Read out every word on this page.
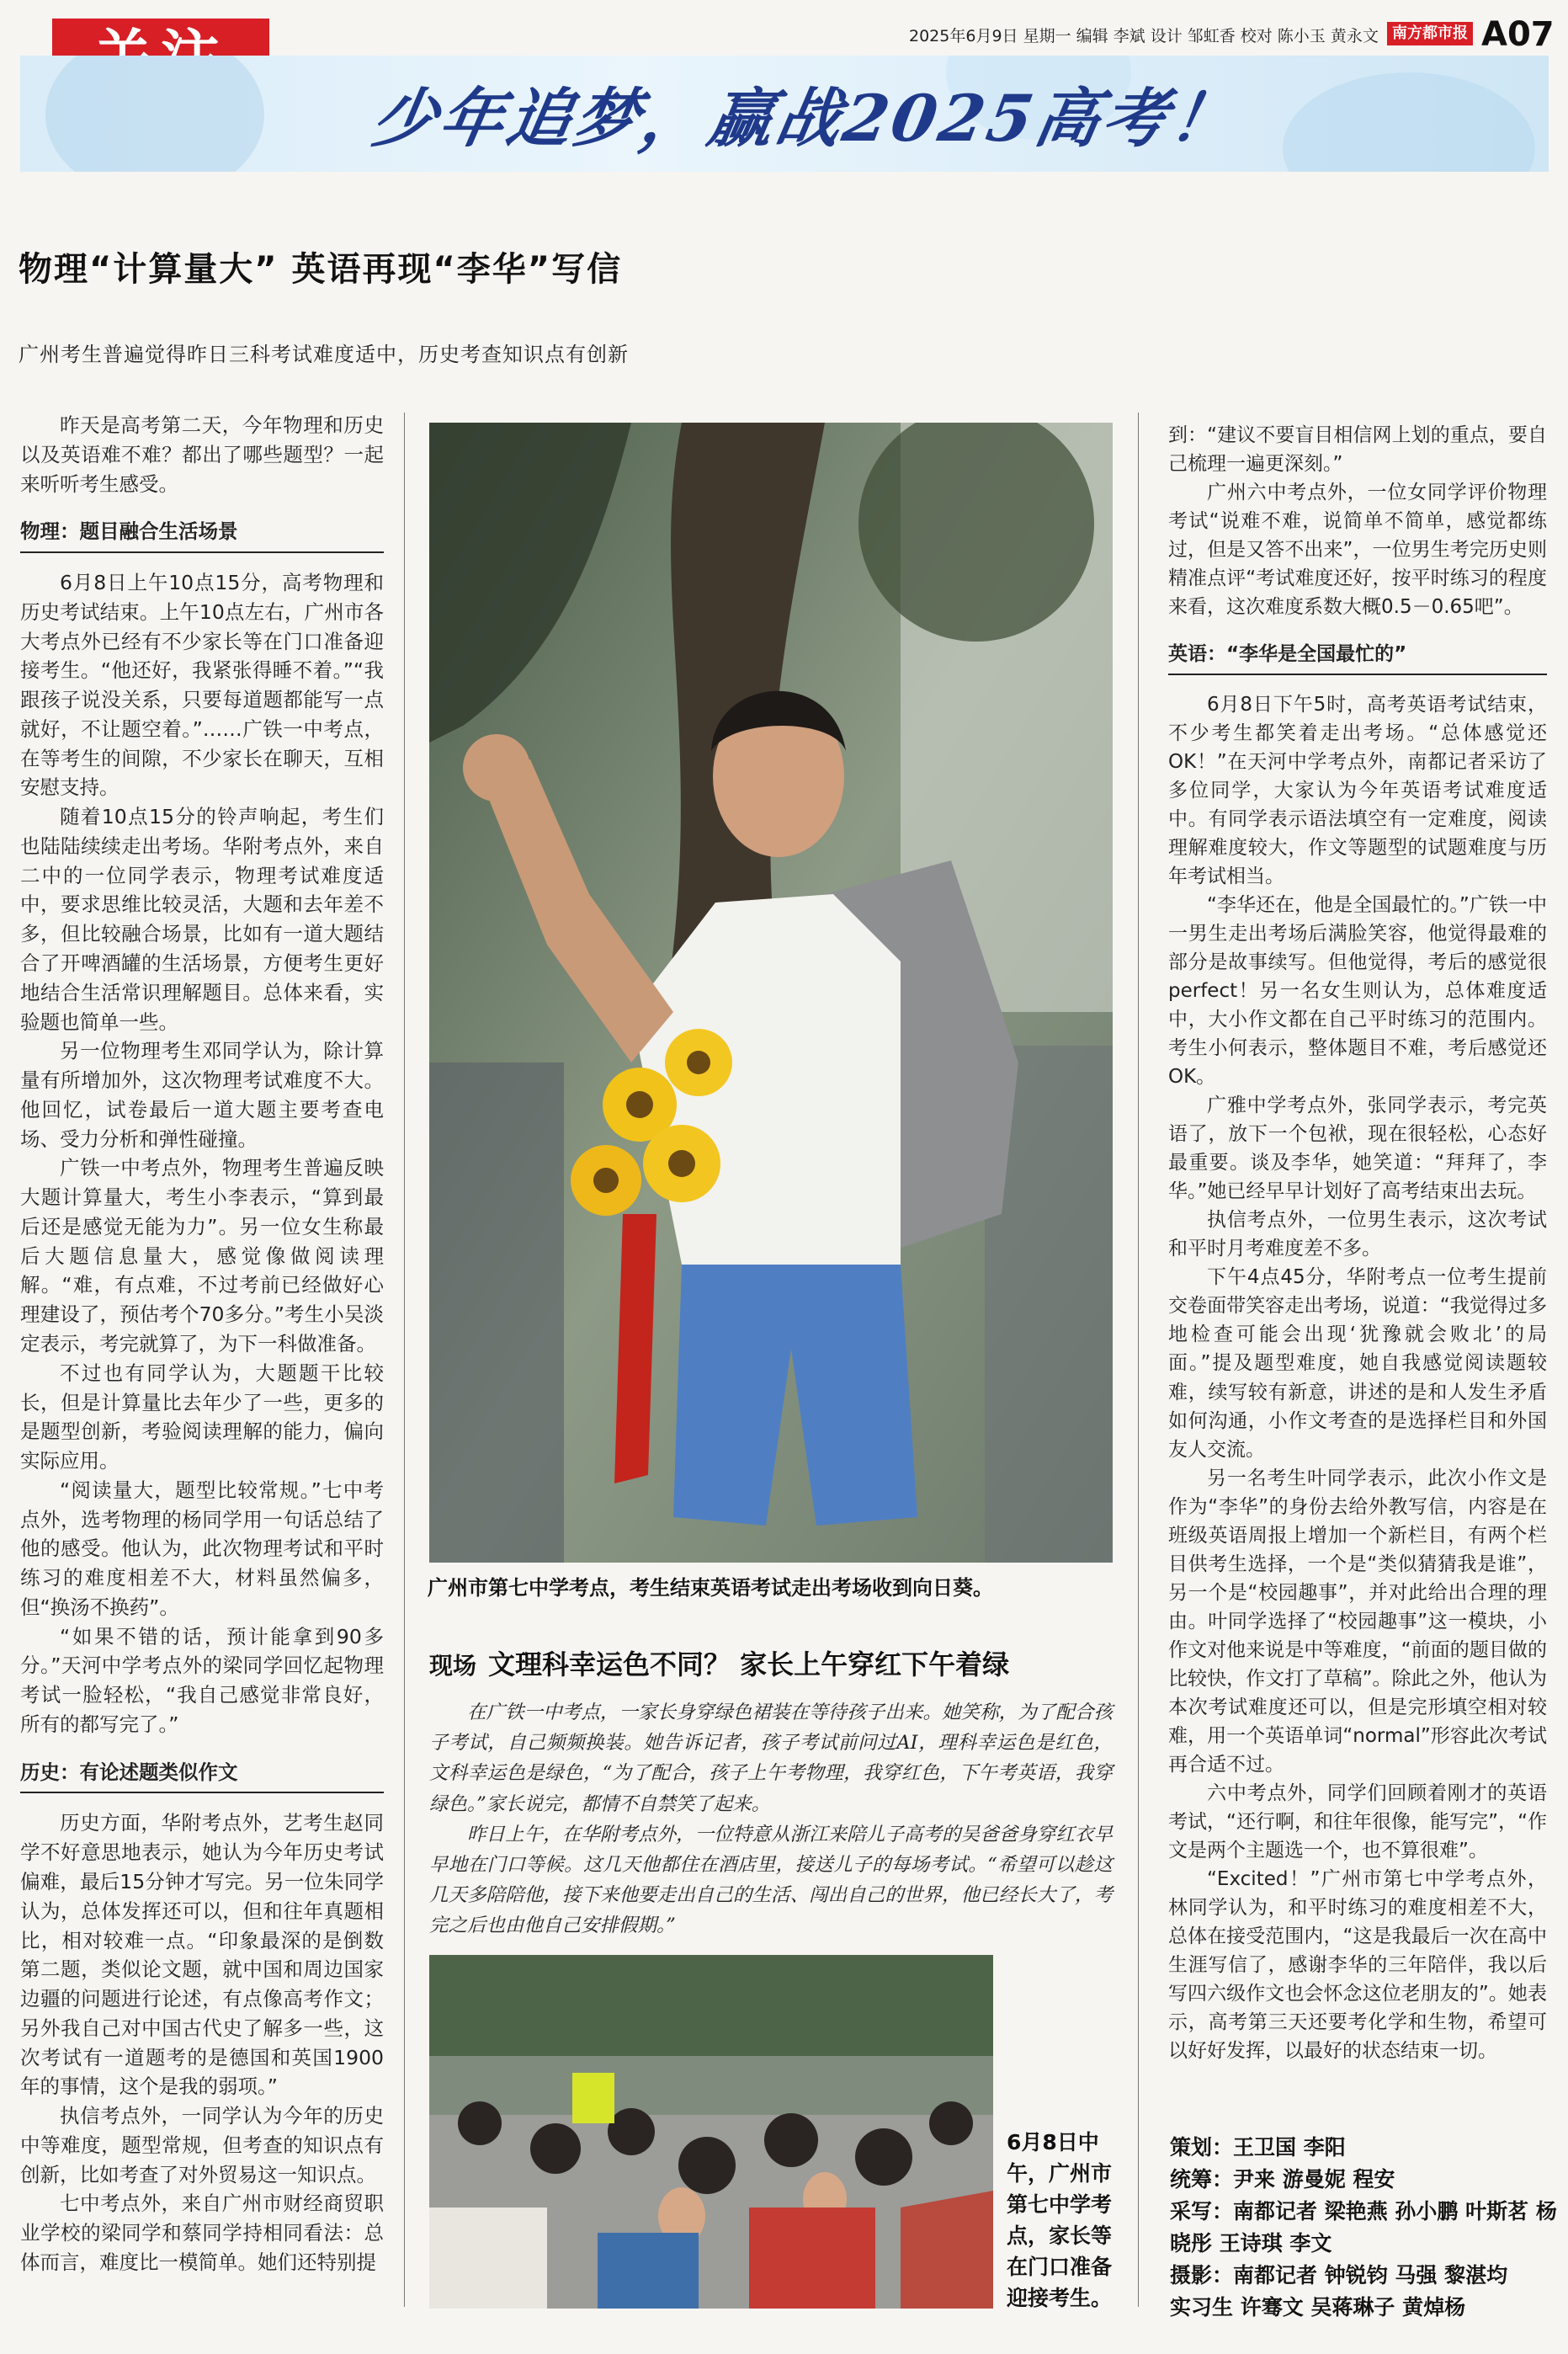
2025年6月9日 星期一 编辑 李斌 设计 邹虹香 校对 陈小玉 黄永文 南方都市报 A07
少年追梦，赢战2025高考！
物理“计算量大” 英语再现“李华”写信
广州考生普遍觉得昨日三科考试难度适中，历史考查知识点有创新

昨天是高考第二天，今年物理和历史以及英语难不难？都出了哪些题型？一起来听听考生感受。

物理：题目融合生活场景

6月8日上午10点15分，高考物理和历史考试结束。上午10点左右，广州市各大考点外已经有不少家长等在门口准备迎接考生。“他还好，我紧张得睡不着。”“我跟孩子说没关系，只要每道题都能写一点就好，不让题空着。”……广铁一中考点，在等考生的间隙，不少家长在聊天，互相安慰支持。

随着10点15分的铃声响起，考生们也陆陆续续走出考场。华附考点外，来自二中的一位同学表示，物理考试难度适中，要求思维比较灵活，大题和去年差不多，但比较融合场景，比如有一道大题结合了开啤酒罐的生活场景，方便考生更好地结合生活常识理解题目。总体来看，实验题也简单一些。

另一位物理考生邓同学认为，除计算量有所增加外，这次物理考试难度不大。他回忆，试卷最后一道大题主要考查电场、受力分析和弹性碰撞。

广铁一中考点外，物理考生普遍反映大题计算量大，考生小李表示，“算到最后还是感觉无能为力”。另一位女生称最后大题信息量大，感觉像做阅读理解。“难，有点难，不过考前已经做好心理建设了，预估考个70多分。”考生小吴淡定表示，考完就算了，为下一科做准备。

不过也有同学认为，大题题干比较长，但是计算量比去年少了一些，更多的是题型创新，考验阅读理解的能力，偏向实际应用。

“阅读量大，题型比较常规。”七中考点外，选考物理的杨同学用一句话总结了他的感受。他认为，此次物理考试和平时练习的难度相差不大，材料虽然偏多，但“换汤不换药”。

“如果不错的话，预计能拿到90多分。”天河中学考点外的梁同学回忆起物理考试一脸轻松，“我自己感觉非常良好，所有的都写完了。”

历史：有论述题类似作文

历史方面，华附考点外，艺考生赵同学不好意思地表示，她认为今年历史考试偏难，最后15分钟才写完。另一位朱同学认为，总体发挥还可以，但和往年真题相比，相对较难一点。“印象最深的是倒数第二题，类似论文题，就中国和周边国家边疆的问题进行论述，有点像高考作文；另外我自己对中国古代史了解多一些，这次考试有一道题考的是德国和英国1900年的事情，这个是我的弱项。”

执信考点外，一同学认为今年的历史中等难度，题型常规，但考查的知识点有创新，比如考查了对外贸易这一知识点。

七中考点外，来自广州市财经商贸职业学校的梁同学和蔡同学持相同看法：总体而言，难度比一模简单。她们还特别提

广州市第七中学考点，考生结束英语考试走出考场收到向日葵。
现场 文理科幸运色不同？ 家长上午穿红下午着绿

在广铁一中考点，一家长身穿绿色裙装在等待孩子出来。她笑称，为了配合孩子考试，自己频频换装。她告诉记者，孩子考试前问过AI，理科幸运色是红色，文科幸运色是绿色，“为了配合，孩子上午考物理，我穿红色，下午考英语，我穿绿色。”家长说完，都情不自禁笑了起来。

昨日上午，在华附考点外，一位特意从浙江来陪儿子高考的吴爸爸身穿红衣早早地在门口等候。这几天他都住在酒店里，接送儿子的每场考试。“希望可以趁这几天多陪陪他，接下来他要走出自己的生活、闯出自己的世界，他已经长大了，考完之后也由他自己安排假期。”

6月8日中午，广州市第七中学考点，家长等在门口准备迎接考生。

到：“建议不要盲目相信网上划的重点，要自己梳理一遍更深刻。”

广州六中考点外，一位女同学评价物理考试“说难不难，说简单不简单，感觉都练过，但是又答不出来”，一位男生考完历史则精准点评“考试难度还好，按平时练习的程度来看，这次难度系数大概0.5－0.65吧”。

英语：“李华是全国最忙的”

6月8日下午5时，高考英语考试结束，不少考生都笑着走出考场。“总体感觉还OK！”在天河中学考点外，南都记者采访了多位同学，大家认为今年英语考试难度适中。有同学表示语法填空有一定难度，阅读理解难度较大，作文等题型的试题难度与历年考试相当。

“李华还在，他是全国最忙的。”广铁一中一男生走出考场后满脸笑容，他觉得最难的部分是故事续写。但他觉得，考后的感觉很perfect！另一名女生则认为，总体难度适中，大小作文都在自己平时练习的范围内。考生小何表示，整体题目不难，考后感觉还OK。

广雅中学考点外，张同学表示，考完英语了，放下一个包袱，现在很轻松，心态好最重要。谈及李华，她笑道：“拜拜了，李华。”她已经早早计划好了高考结束出去玩。

执信考点外，一位男生表示，这次考试和平时月考难度差不多。

下午4点45分，华附考点一位考生提前交卷面带笑容走出考场，说道：“我觉得过多地检查可能会出现‘犹豫就会败北’的局面。”提及题型难度，她自我感觉阅读题较难，续写较有新意，讲述的是和人发生矛盾如何沟通，小作文考查的是选择栏目和外国友人交流。

另一名考生叶同学表示，此次小作文是作为“李华”的身份去给外教写信，内容是在班级英语周报上增加一个新栏目，有两个栏目供考生选择，一个是“类似猜猜我是谁”，另一个是“校园趣事”，并对此给出合理的理由。叶同学选择了“校园趣事”这一模块，小作文对他来说是中等难度，“前面的题目做的比较快，作文打了草稿”。除此之外，他认为本次考试难度还可以，但是完形填空相对较难，用一个英语单词“normal”形容此次考试再合适不过。

六中考点外，同学们回顾着刚才的英语考试，“还行啊，和往年很像，能写完”，“作文是两个主题选一个，也不算很难”。

“Excited！”广州市第七中学考点外，林同学认为，和平时练习的难度相差不大，总体在接受范围内，“这是我最后一次在高中生涯写信了，感谢李华的三年陪伴，我以后写四六级作文也会怀念这位老朋友的”。她表示，高考第三天还要考化学和生物，希望可以好好发挥，以最好的状态结束一切。

策划：王卫国 李阳
统筹：尹来 游曼妮 程安
采写：南都记者 梁艳燕 孙小鹏 叶斯茗 杨晓彤 王诗琪 李文
摄影：南都记者 钟锐钧 马强 黎湛均
实习生 许骞文 吴蒋琳子 黄焯杨
